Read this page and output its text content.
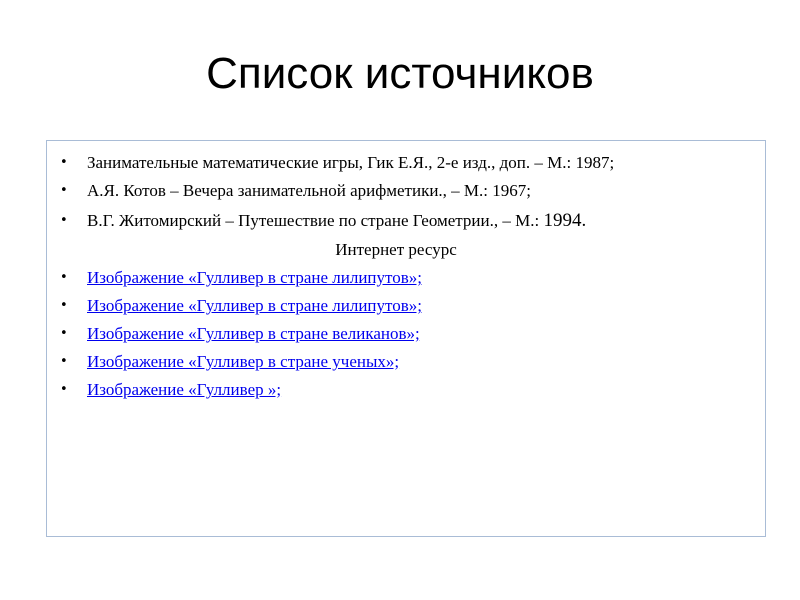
Список источников
• Занимательные математические игры, Гик Е.Я., 2-е изд., доп. – М.: 1987;
• А.Я. Котов – Вечера занимательной арифметики., – М.: 1967;
• В.Г. Житомирский – Путешествие по стране Геометрии., – М.: 1994.
Интернет ресурс
• Изображение «Гулливер в стране лилипутов»;
• Изображение «Гулливер в стране лилипутов»;
• Изображение «Гулливер в стране великанов»;
• Изображение «Гулливер в стране ученых»;
• Изображение «Гулливер »;
